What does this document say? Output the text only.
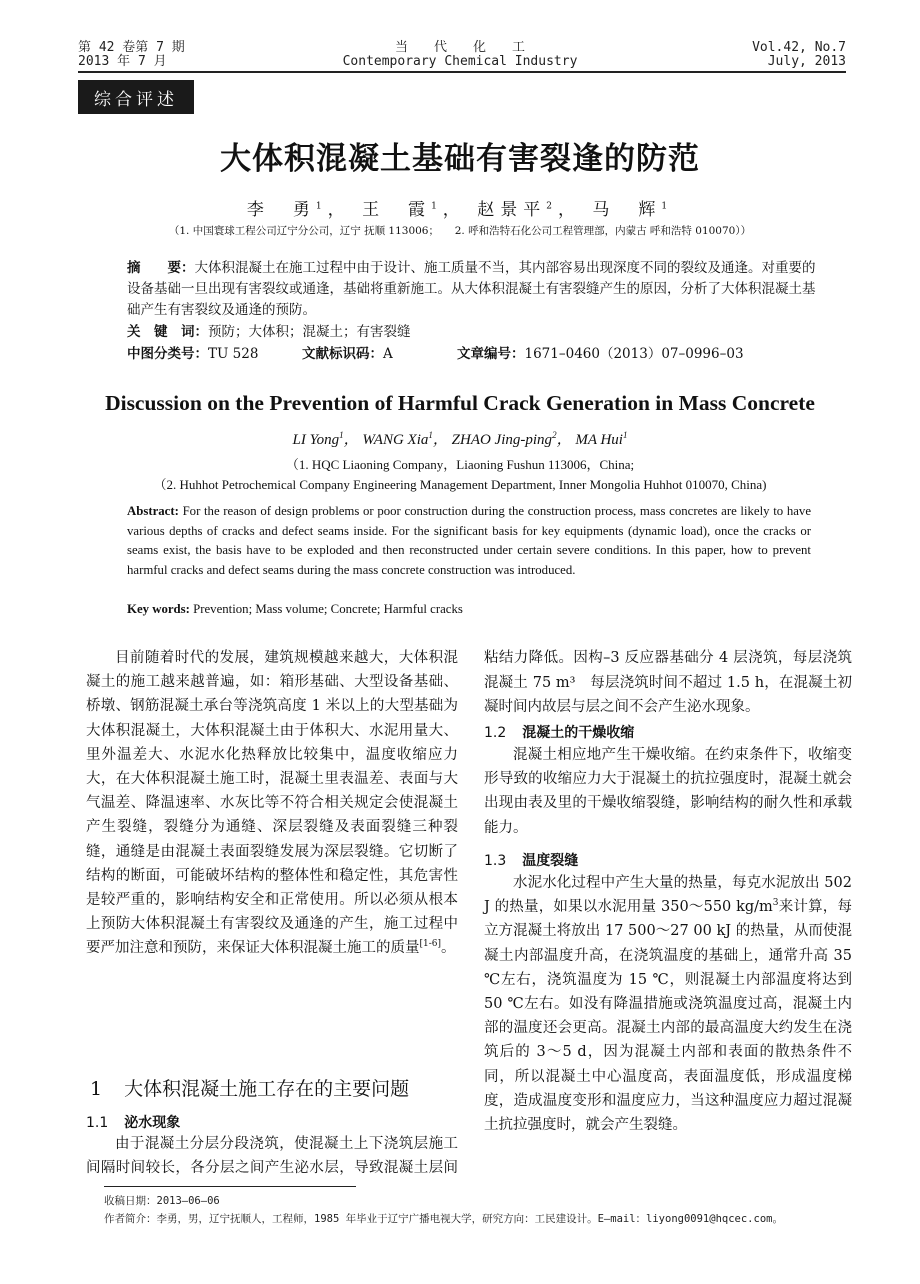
第 42 卷第 7 期
2013 年 7 月
当　　代　　化　　工
Contemporary Chemical Industry
Vol.42, No.7
July, 2013
综合评述
大体积混凝土基础有害裂逢的防范
李　勇$^1$， 王　霞$^1$， 赵景平$^2$， 马　辉$^1$
（1. 中国寰球工程公司辽宁分公司，辽宁 抚顺 113006；　　2. 呼和浩特石化公司工程管理部，内蒙古 呼和浩特 010070））
摘　　要：大体积混凝土在施工过程中由于设计、施工质量不当，其内部容易出现深度不同的裂纹及通逢。对重要的设备基础一旦出现有害裂纹或通逢，基础将重新施工。从大体积混凝土有害裂缝产生的原因，分析了大体积混凝土基础产生有害裂纹及通逢的预防。
关　键　词：预防；大体积；混凝土；有害裂缝
中图分类号：TU 528	文献标识码：A	文章编号：1671–0460（2013）07–0996–03
Discussion on the Prevention of Harmful Crack Generation in Mass Concrete
LI Yong$^1$， WANG Xia$^1$， ZHAO Jing-ping$^2$， MA Hui$^1$
（1. HQC Liaoning Company，Liaoning Fushun 113006，China;
（2. Huhhot Petrochemical Company Engineering Management Department, Inner Mongolia Huhhot 010070, China)
Abstract: For the reason of design problems or poor construction during the construction process, mass concretes are likely to have various depths of cracks and defect seams inside. For the significant basis for key equipments (dynamic load), once the cracks or seams exist, the basis have to be exploded and then reconstructed under certain severe conditions. In this paper, how to prevent harmful cracks and defect seams during the mass concrete construction was introduced.
Key words: Prevention; Mass volume; Concrete; Harmful cracks

目前随着时代的发展，建筑规模越来越大，大体积混凝土的施工越来越普遍，如：箱形基础、大型设备基础、桥墩、钢筋混凝土承台等浇筑高度 1 米以上的大型基础为大体积混凝土，大体积混凝土由于体积大、水泥用量大、里外温差大、水泥水化热释放比较集中，温度收缩应力大，在大体积混凝土施工时，混凝土里表温差、表面与大气温差、降温速率、水灰比等不符合相关规定会使混凝土产生裂缝，裂缝分为通缝、深层裂缝及表面裂缝三种裂缝，通缝是由混凝土表面裂缝发展为深层裂缝。它切断了结构的断面，可能破坏结构的整体性和稳定性，其危害性是较严重的，影响结构安全和正常使用。所以必须从根本上预防大体积混凝土有害裂纹及通逢的产生，施工过程中要严加注意和预防，来保证大体积混凝土施工的质量[1-6]。

1 大体积混凝土施工存在的主要问题
1.1 泌水现象

由于混凝土分层分段浇筑，使混凝土上下浇筑层施工间隔时间较长，各分层之间产生泌水层，导致混凝土层间 　

粘结力降低。因构–3 反应器基础分 4 层浇筑，每层浇筑混凝土 75 m³　每层浇筑时间不超过 1.5 h，在混凝土初凝时间内故层与层之间不会产生泌水现象。

1.2 混凝土的干燥收缩

混凝土相应地产生干燥收缩。在约束条件下，收缩变形导致的收缩应力大于混凝土的抗拉强度时，混凝土就会出现由表及里的干燥收缩裂缝，影响结构的耐久性和承载能力。

1.3 温度裂缝

水泥水化过程中产生大量的热量，每克水泥放出 502 J 的热量，如果以水泥用量 350～550 $kg/m^3$来计算，每立方混凝土将放出 17 500～27 00 kJ 的热量，从而使混凝土内部温度升高，在浇筑温度的基础上，通常升高 35 ℃左右，浇筑温度为 15 ℃，则混凝土内部温度将达到 50 ℃左右。如没有降温措施或浇筑温度过高，混凝土内部的温度还会更高。混凝土内部的最高温度大约发生在浇筑后的 3～5 d，因为混凝土内部和表面的散热条件不同，所以混凝土中心温度高，表面温度低，形成温度梯度，造成温度变形和温度应力，当这种温度应力超过混凝土抗拉强度时，就会产生裂缝。

收稿日期：2013–06–06
作者简介：李勇，男，辽宁抚顺人，工程师，1985 年毕业于辽宁广播电视大学，研究方向：工民建设计。E–mail：liyong0091@hqcec.com。
